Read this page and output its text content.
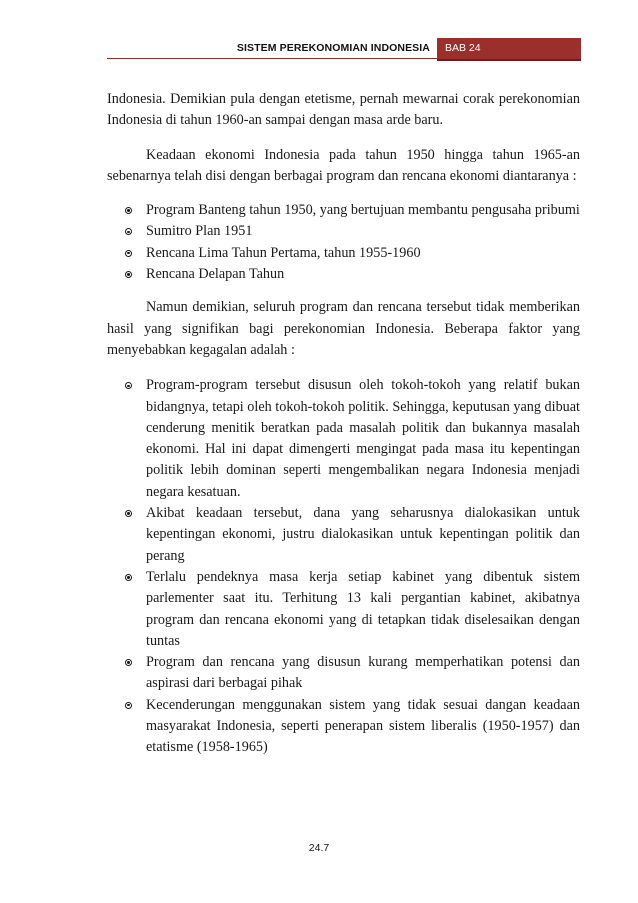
SISTEM PEREKONOMIAN INDONESIA BAB 24

Indonesia. Demikian pula dengan etetisme, pernah mewarnai corak perekonomian Indonesia di tahun 1960-an sampai dengan masa arde baru.

Keadaan ekonomi Indonesia pada tahun 1950 hingga tahun 1965-an sebenarnya telah disi dengan berbagai program dan rencana ekonomi diantaranya :

Program Banteng tahun 1950, yang bertujuan membantu pengusaha pribumi
Sumitro Plan 1951
Rencana Lima Tahun Pertama, tahun 1955-1960
Rencana Delapan Tahun

Namun demikian, seluruh program dan rencana tersebut tidak memberikan hasil yang signifikan bagi perekonomian Indonesia. Beberapa faktor yang menyebabkan kegagalan adalah :

Program-program tersebut disusun oleh tokoh-tokoh yang relatif bukan bidangnya, tetapi oleh tokoh-tokoh politik. Sehingga, keputusan yang dibuat cenderung menitik beratkan pada masalah politik dan bukannya masalah ekonomi. Hal ini dapat dimengerti mengingat pada masa itu kepentingan politik lebih dominan seperti mengembalikan negara Indonesia menjadi negara kesatuan.
Akibat keadaan tersebut, dana yang seharusnya dialokasikan untuk kepentingan ekonomi, justru dialokasikan untuk kepentingan politik dan perang
Terlalu pendeknya masa kerja setiap kabinet yang dibentuk sistem parlementer saat itu. Terhitung 13 kali pergantian kabinet, akibatnya program dan rencana ekonomi yang di tetapkan tidak diselesaikan dengan tuntas
Program dan rencana yang disusun kurang memperhatikan potensi dan aspirasi dari berbagai pihak
Kecenderungan menggunakan sistem yang tidak sesuai dangan keadaan masyarakat Indonesia, seperti penerapan sistem liberalis (1950-1957) dan etatisme (1958-1965)
24.7
